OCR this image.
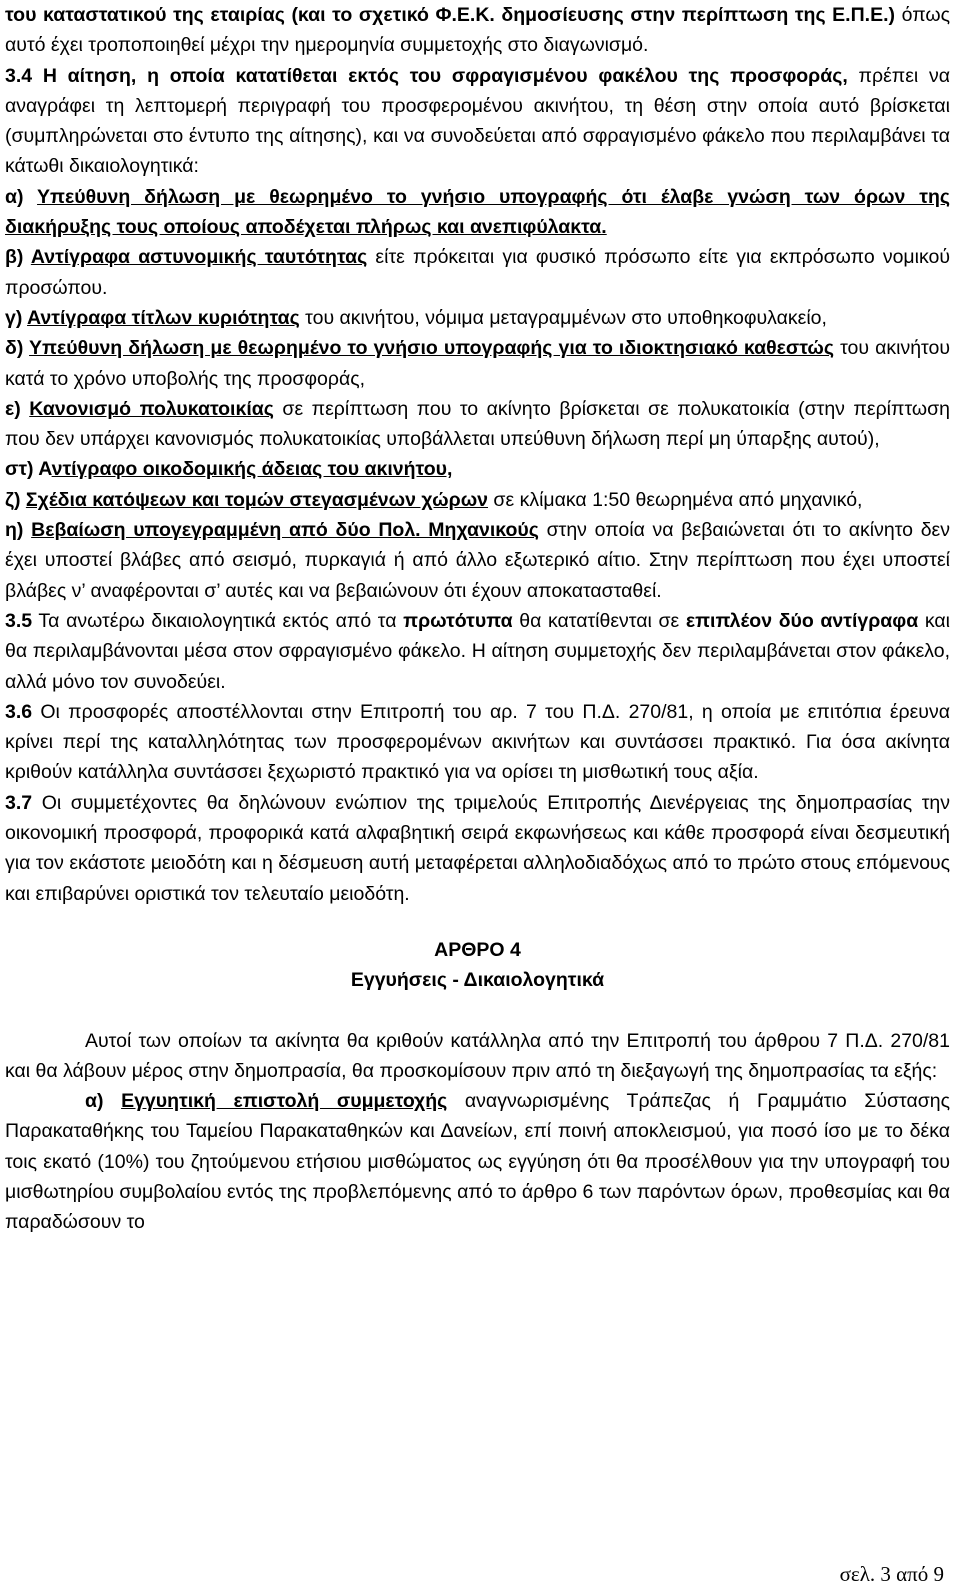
του καταστατικού της εταιρίας (και το σχετικό Φ.Ε.Κ. δημοσίευσης στην περίπτωση της Ε.Π.Ε.) όπως αυτό έχει τροποποιηθεί μέχρι την ημερομηνία συμμετοχής στο διαγωνισμό.

3.4 Η αίτηση, η οποία κατατίθεται εκτός του σφραγισμένου φακέλου της προσφοράς, πρέπει να αναγράφει τη λεπτομερή περιγραφή του προσφερομένου ακινήτου, τη θέση στην οποία αυτό βρίσκεται (συμπληρώνεται στο έντυπο της αίτησης), και να συνοδεύεται από σφραγισμένο φάκελο που περιλαμβάνει τα κάτωθι δικαιολογητικά:

α) Υπεύθυνη δήλωση με θεωρημένο το γνήσιο υπογραφής ότι έλαβε γνώση των όρων της διακήρυξης τους οποίους αποδέχεται πλήρως και ανεπιφύλακτα.

β) Αντίγραφα αστυνομικής ταυτότητας είτε πρόκειται για φυσικό πρόσωπο είτε για εκπρόσωπο νομικού προσώπου.

γ) Αντίγραφα τίτλων κυριότητας του ακινήτου, νόμιμα μεταγραμμένων στο υποθηκοφυλακείο,

δ) Υπεύθυνη δήλωση με θεωρημένο το γνήσιο υπογραφής για το ιδιοκτησιακό καθεστώς του ακινήτου κατά το χρόνο υποβολής της προσφοράς,

ε) Κανονισμό πολυκατοικίας σε περίπτωση που το ακίνητο βρίσκεται σε πολυκατοικία (στην περίπτωση που δεν υπάρχει κανονισμός πολυκατοικίας υποβάλλεται υπεύθυνη δήλωση περί μη ύπαρξης αυτού),

στ) Αντίγραφο οικοδομικής άδειας του ακινήτου,

ζ) Σχέδια κατόψεων και τομών στεγασμένων χώρων σε κλίμακα 1:50 θεωρημένα από μηχανικό,

η) Βεβαίωση υπογεγραμμένη από δύο Πολ. Μηχανικούς στην οποία να βεβαιώνεται ότι το ακίνητο δεν έχει υποστεί βλάβες από σεισμό, πυρκαγιά ή από άλλο εξωτερικό αίτιο. Στην περίπτωση που έχει υποστεί βλάβες ν’ αναφέρονται σ’ αυτές και να βεβαιώνουν ότι έχουν αποκατασταθεί.

3.5 Τα ανωτέρω δικαιολογητικά εκτός από τα πρωτότυπα θα κατατίθενται σε επιπλέον δύο αντίγραφα και θα περιλαμβάνονται μέσα στον σφραγισμένο φάκελο. Η αίτηση συμμετοχής δεν περιλαμβάνεται στον φάκελο, αλλά μόνο τον συνοδεύει.

3.6 Οι προσφορές αποστέλλονται στην Επιτροπή του αρ. 7 του Π.Δ. 270/81, η οποία με επιτόπια έρευνα κρίνει περί της καταλληλότητας των προσφερομένων ακινήτων και συντάσσει πρακτικό. Για όσα ακίνητα κριθούν κατάλληλα συντάσσει ξεχωριστό πρακτικό για να ορίσει τη μισθωτική τους αξία.

3.7 Οι συμμετέχοντες θα δηλώνουν ενώπιον της τριμελούς Επιτροπής Διενέργειας της δημοπρασίας την οικονομική προσφορά, προφορικά κατά αλφαβητική σειρά εκφωνήσεως και κάθε προσφορά είναι δεσμευτική για τον εκάστοτε μειοδότη και η δέσμευση αυτή μεταφέρεται αλληλοδιαδόχως από το πρώτο στους επόμενους και επιβαρύνει οριστικά τον τελευταίο μειοδότη.

ΑΡΘΡΟ 4

Εγγυήσεις - Δικαιολογητικά

Αυτοί των οποίων τα ακίνητα θα κριθούν κατάλληλα από την Επιτροπή του άρθρου 7 Π.Δ. 270/81 και θα λάβουν μέρος στην δημοπρασία, θα προσκομίσουν πριν από τη διεξαγωγή της δημοπρασίας τα εξής:

α) Εγγυητική επιστολή συμμετοχής αναγνωρισμένης Τράπεζας ή Γραμμάτιο Σύστασης Παρακαταθήκης του Ταμείου Παρακαταθηκών και Δανείων, επί ποινή αποκλεισμού, για ποσό ίσο με το δέκα τοις εκατό (10%) του ζητούμενου ετήσιου μισθώματος ως εγγύηση ότι θα προσέλθουν για την υπογραφή του μισθωτηρίου συμβολαίου εντός της προβλεπόμενης από το άρθρο 6 των παρόντων όρων, προθεσμίας και θα παραδώσουν το

σελ. 3 από 9
